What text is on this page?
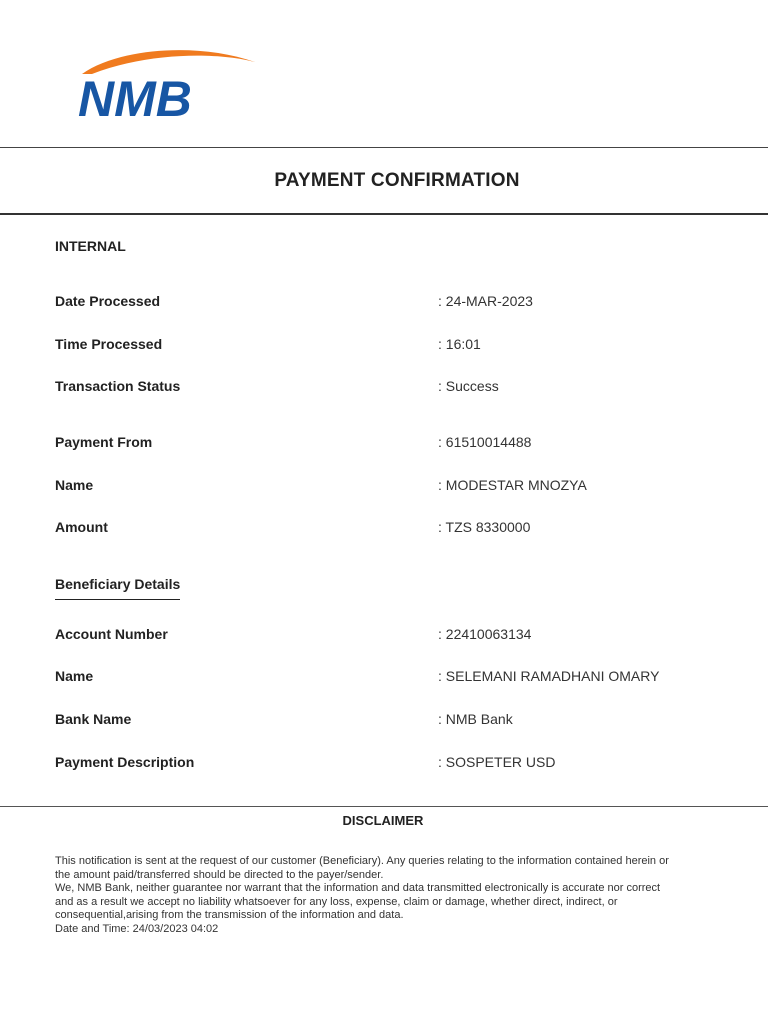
NMB
PAYMENT CONFIRMATION
INTERNAL
Date Processed	: 24-MAR-2023
Time Processed	: 16:01
Transaction Status	: Success
Payment From	: 61510014488
Name	: MODESTAR MNOZYA
Amount	: TZS 8330000
Beneficiary Details
Account Number	: 22410063134
Name	: SELEMANI RAMADHANI OMARY
Bank Name	: NMB Bank
Payment Description	: SOSPETER USD
DISCLAIMER
This notification is sent at the request of our customer (Beneficiary). Any queries relating to the information contained herein or
the amount paid/transferred should be directed to the payer/sender.
We, NMB Bank, neither guarantee nor warrant that the information and data transmitted electronically is accurate nor correct
and as a result we accept no liability whatsoever for any loss, expense, claim or damage, whether direct, indirect, or
consequential,arising from the transmission of the information and data.
Date and Time: 24/03/2023 04:02
